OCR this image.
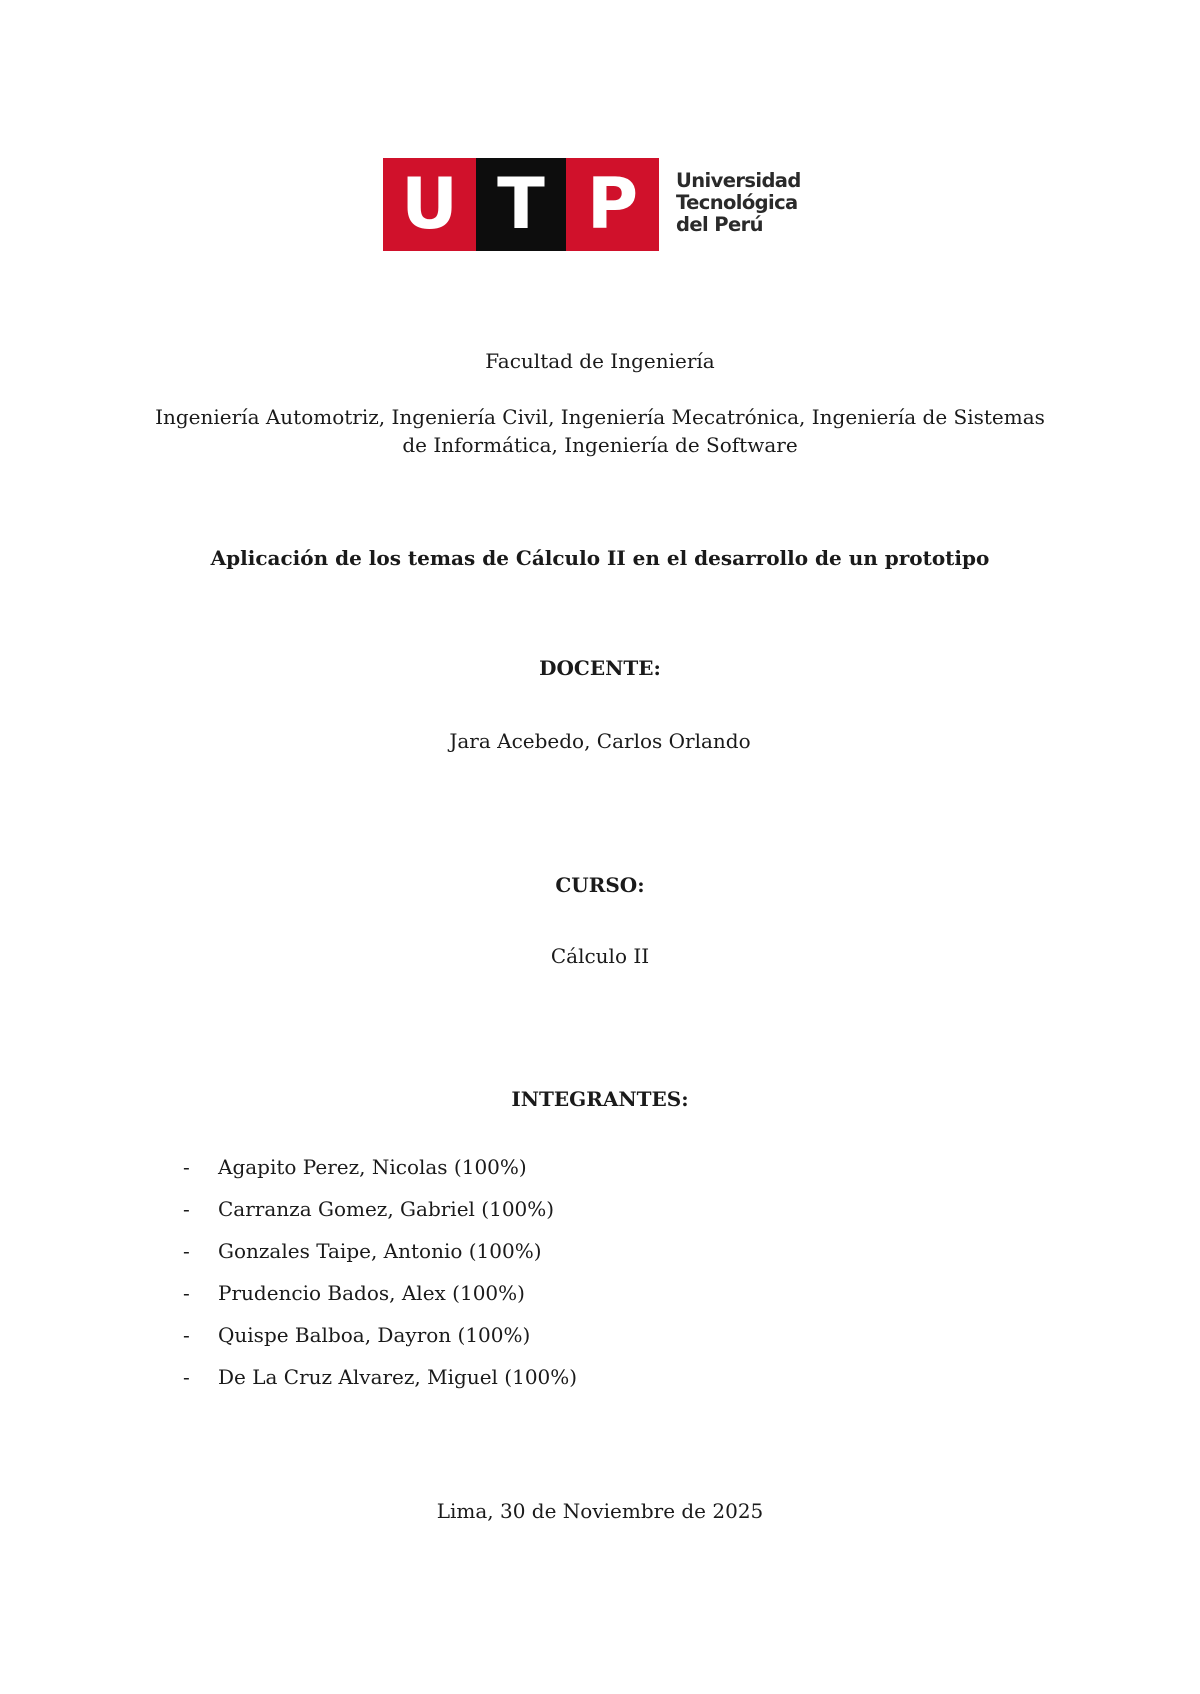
U T P	Universidad
Tecnológica
del Perú

Facultad de Ingeniería

Ingeniería Automotriz, Ingeniería Civil, Ingeniería Mecatrónica, Ingeniería de Sistemas de Informática, Ingeniería de Software

Aplicación de los temas de Cálculo II en el desarrollo de un prototipo

DOCENTE:

Jara Acebedo, Carlos Orlando

CURSO:

Cálculo II

INTEGRANTES:

- Agapito Perez, Nicolas (100%)
- Carranza Gomez, Gabriel (100%)
- Gonzales Taipe, Antonio (100%)
- Prudencio Bados, Alex (100%)
- Quispe Balboa, Dayron (100%)
- De La Cruz Alvarez, Miguel (100%)

Lima, 30 de Noviembre de 2025
